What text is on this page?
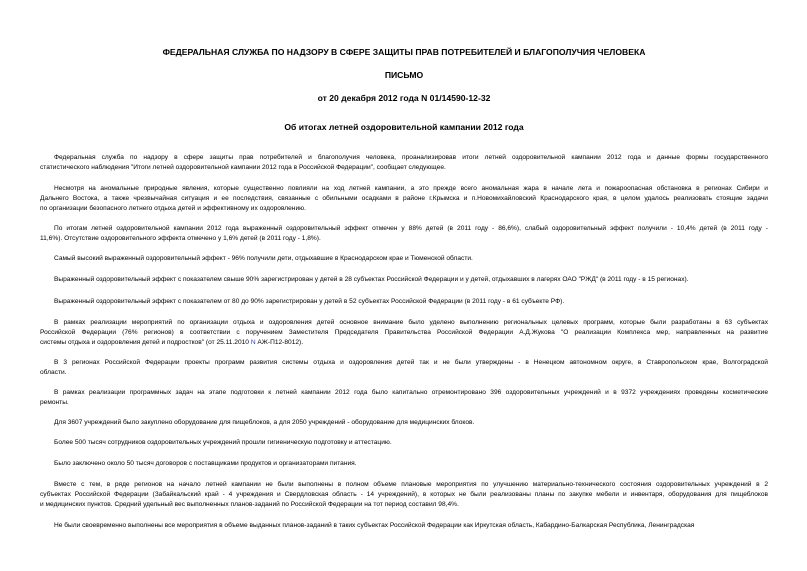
ФЕДЕРАЛЬНАЯ СЛУЖБА ПО НАДЗОРУ В СФЕРЕ ЗАЩИТЫ ПРАВ ПОТРЕБИТЕЛЕЙ И БЛАГОПОЛУЧИЯ ЧЕЛОВЕКА
ПИСЬМО
от 20 декабря 2012 года N 01/14590-12-32
Об итогах летней оздоровительной кампании 2012 года
Федеральная служба по надзору в сфере защиты прав потребителей и благополучия человека, проанализировав итоги летней оздоровительной кампании 2012 года и данные формы государственного
статистического наблюдения "Итоги летней оздоровительной кампании 2012 года в Российской Федерации", сообщает следующее.
Несмотря на аномальные природные явления, которые существенно повлияли на ход летней кампании, а это прежде всего аномальная жара в начале лета и пожароопасная обстановка в регионах Сибири и
Дальнего Востока, а также чрезвычайная ситуация и ее последствия, связанные с обильными осадками в районе г.Крымска и п.Новомихайловский Краснодарского края, в целом удалось реализовать стоящие задачи
по организации безопасного летнего отдыха детей и эффективному их оздоровлению.
По итогам летней оздоровительной кампании 2012 года выраженный оздоровительный эффект отмечен у 88% детей (в 2011 году - 86,6%), слабый оздоровительный эффект получили - 10,4% детей (в 2011 году -
11,6%). Отсутствие оздоровительного эффекта отмечено у 1,6% детей (в 2011 году - 1,8%).
Самый высокий выраженный оздоровительный эффект - 96% получили дети, отдыхавшие в Краснодарском крае и Тюменской области.
Выраженный оздоровительный эффект с показателем свыше 90% зарегистрирован у детей в 28 субъектах Российской Федерации и у детей, отдыхавших в лагерях ОАО "РЖД" (в 2011 году - в 15 регионах).
Выраженный оздоровительный эффект с показателем от 80 до 90% зарегистрирован у детей в 52 субъектах Российской Федерации (в 2011 году - в 61 субъекте РФ).
В рамках реализации мероприятий по организации отдыха и оздоровления детей основное внимание было уделено выполнению региональных целевых программ, которые были разработаны в 63 субъектах
Российской Федерации (76% регионов) в соответствии с поручением Заместителя Председателя Правительства Российской Федерации А.Д.Жукова "О реализации Комплекса мер, направленных на развитие
системы отдыха и оздоровления детей и подростков" (от 25.11.2010 N АЖ-П12-8012).
В 3 регионах Российской Федерации проекты программ развития системы отдыха и оздоровления детей так и не были утверждены - в Ненецком автономном округе, в Ставропольском крае, Волгоградской
области.
В рамках реализации программных задач на этапе подготовки к летней кампании 2012 года было капитально отремонтировано 396 оздоровительных учреждений и в 9372 учреждениях проведены косметические
ремонты.
Для 3607 учреждений было закуплено оборудование для пищеблоков, а для 2050 учреждений - оборудование для медицинских блоков.
Более 500 тысяч сотрудников оздоровительных учреждений прошли гигиеническую подготовку и аттестацию.
Было заключено около 50 тысяч договоров с поставщиками продуктов и организаторами питания.
Вместе с тем, в ряде регионов на начало летней кампании не были выполнены в полном объеме плановые мероприятия по улучшению материально-технического состояния оздоровительных учреждений в 2
субъектах Российской Федерации (Забайкальский край - 4 учреждения и Свердловская область - 14 учреждений), в которых не были реализованы планы по закупке мебели и инвентаря, оборудования для пищеблоков
и медицинских пунктов. Средний удельный вес выполненных планов-заданий по Российской Федерации на тот период составил 98,4%.
Не были своевременно выполнены все мероприятия в объеме выданных планов-заданий в таких субъектах Российской Федерации как Иркутская область, Кабардино-Балкарская Республика, Ленинградская
